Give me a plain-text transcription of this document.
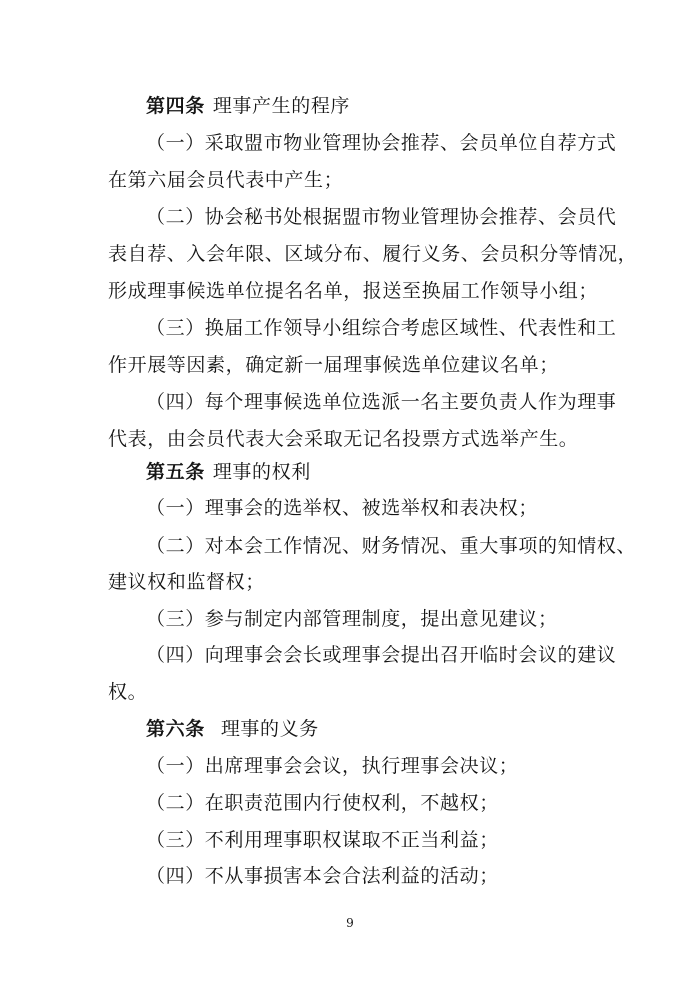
第四条 理事产生的程序
（一）采取盟市物业管理协会推荐、会员单位自荐方式
在第六届会员代表中产生；
（二）协会秘书处根据盟市物业管理协会推荐、会员代
表自荐、入会年限、区域分布、履行义务、会员积分等情况，
形成理事候选单位提名名单，报送至换届工作领导小组；
（三）换届工作领导小组综合考虑区域性、代表性和工
作开展等因素，确定新一届理事候选单位建议名单；
（四）每个理事候选单位选派一名主要负责人作为理事
代表，由会员代表大会采取无记名投票方式选举产生。
第五条 理事的权利
（一）理事会的选举权、被选举权和表决权；
（二）对本会工作情况、财务情况、重大事项的知情权、
建议权和监督权；
（三）参与制定内部管理制度，提出意见建议；
（四）向理事会会长或理事会提出召开临时会议的建议
权。
第六条 理事的义务
（一）出席理事会会议，执行理事会决议；
（二）在职责范围内行使权利，不越权；
（三）不利用理事职权谋取不正当利益；
（四）不从事损害本会合法利益的活动；
9
